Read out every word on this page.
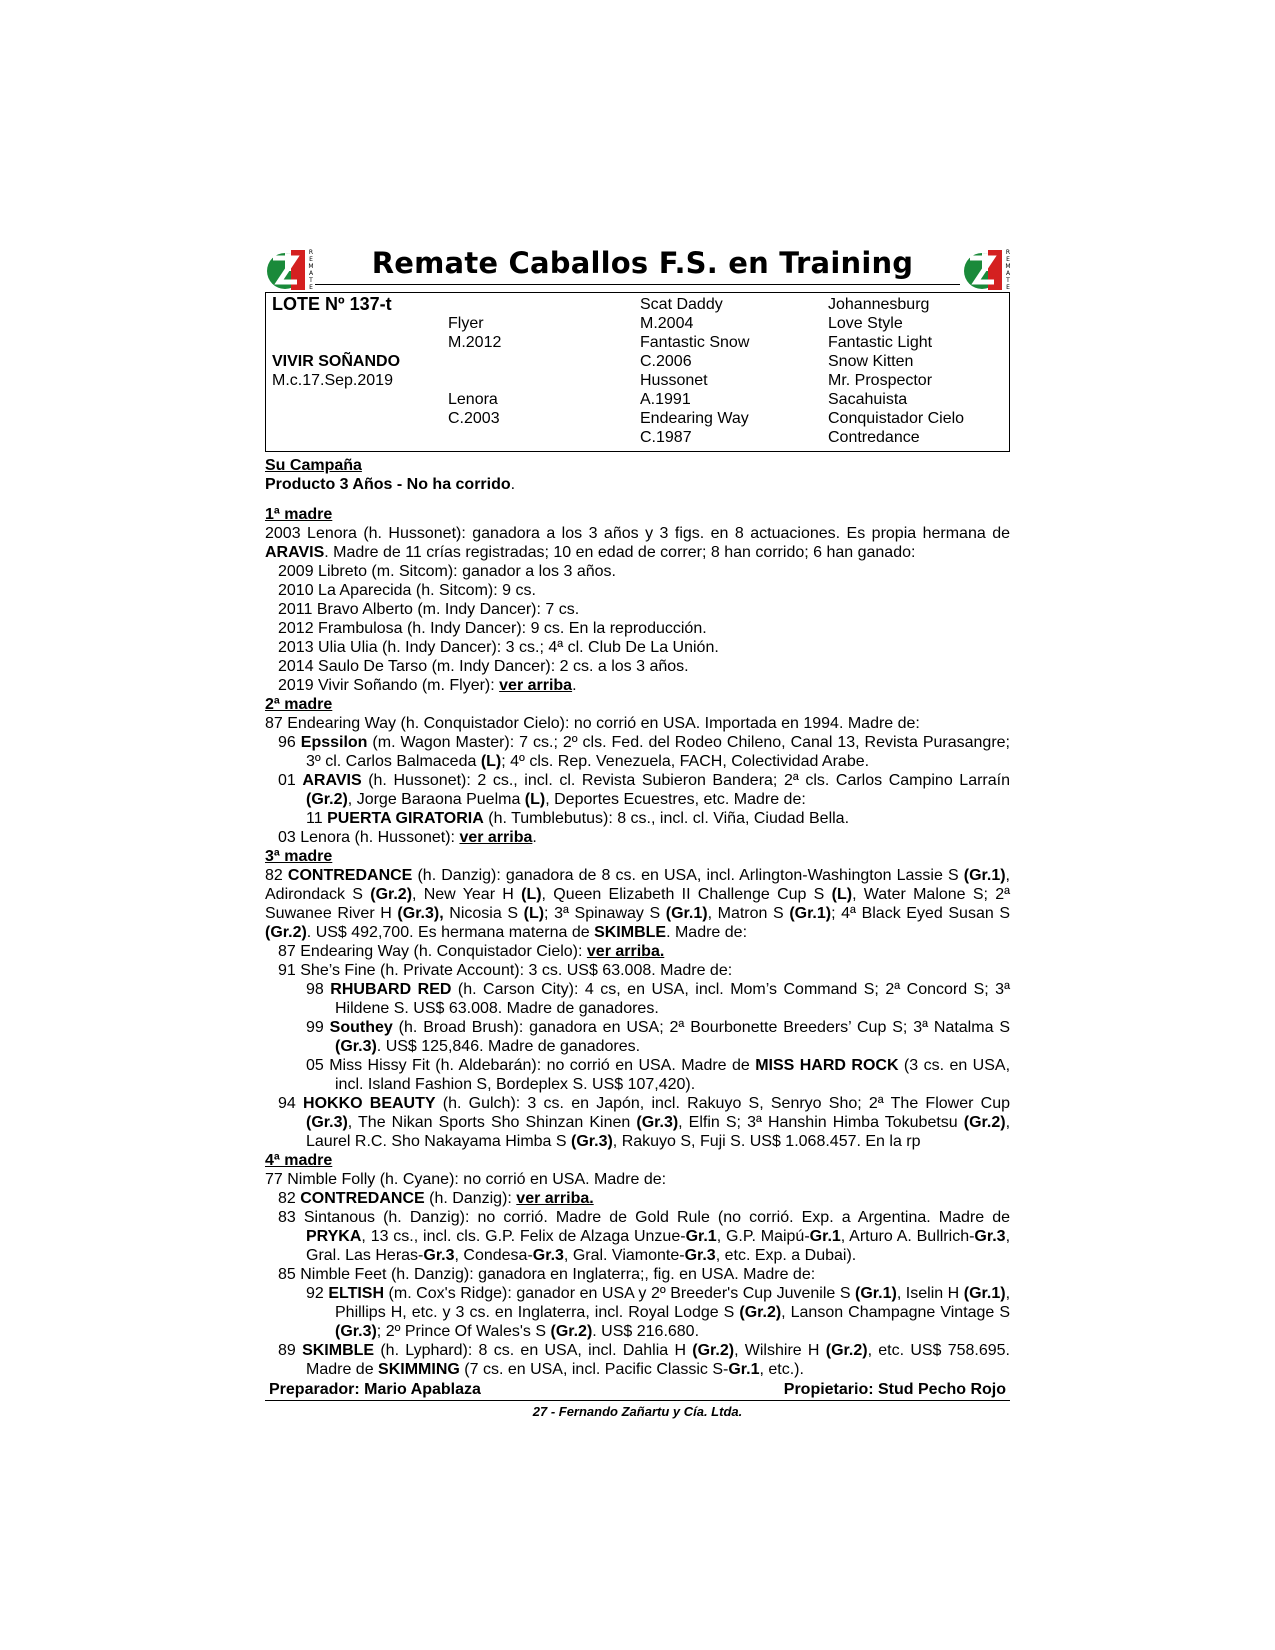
R
E
M
A
T
E
Remate Caballos F.S. en Training	R
E
M
A
T
E
LOTE Nº 137-t
VIVIR SOÑANDO
M.c.17.Sep.2019
Flyer
M.2012
Lenora
C.2003
Scat Daddy
M.2004
Fantastic Snow
C.2006
Hussonet
A.1991
Endearing Way
C.1987
Johannesburg
Love Style
Fantastic Light
Snow Kitten
Mr. Prospector
Sacahuista
Conquistador Cielo
Contredance

Su Campaña

Producto 3 Años - No ha corrido.

1ª madre

2003 Lenora (h. Hussonet): ganadora a los 3 años y 3 figs. en 8 actuaciones. Es propia hermana de ARAVIS. Madre de 11 crías registradas; 10 en edad de correr; 8 han corrido; 6 han ganado:

2009 Libreto (m. Sitcom): ganador a los 3 años.

2010 La Aparecida (h. Sitcom): 9 cs.

2011 Bravo Alberto (m. Indy Dancer): 7 cs.

2012 Frambulosa (h. Indy Dancer): 9 cs. En la reproducción.

2013 Ulia Ulia (h. Indy Dancer): 3 cs.; 4ª cl. Club De La Unión.

2014 Saulo De Tarso (m. Indy Dancer): 2 cs. a los 3 años.

2019 Vivir Soñando (m. Flyer): ver arriba.

2ª madre

87 Endearing Way (h. Conquistador Cielo): no corrió en USA. Importada en 1994. Madre de:

96 Epssilon (m. Wagon Master): 7 cs.; 2º cls. Fed. del Rodeo Chileno, Canal 13, Revista Purasangre; 3º cl. Carlos Balmaceda (L); 4º cls. Rep. Venezuela, FACH, Colectividad Arabe.

01 ARAVIS (h. Hussonet): 2 cs., incl. cl. Revista Subieron Bandera; 2ª cls. Carlos Campino Larraín (Gr.2), Jorge Baraona Puelma (L), Deportes Ecuestres, etc. Madre de:

11 PUERTA GIRATORIA (h. Tumblebutus): 8 cs., incl. cl. Viña, Ciudad Bella.

03 Lenora (h. Hussonet): ver arriba.

3ª madre

82 CONTREDANCE (h. Danzig): ganadora de 8 cs. en USA, incl. Arlington-Washington Lassie S (Gr.1), Adirondack S (Gr.2), New Year H (L), Queen Elizabeth II Challenge Cup S (L), Water Malone S; 2ª Suwanee River H (Gr.3), Nicosia S (L); 3ª Spinaway S (Gr.1), Matron S (Gr.1); 4ª Black Eyed Susan S (Gr.2). US$ 492,700. Es hermana materna de SKIMBLE. Madre de:

87 Endearing Way (h. Conquistador Cielo): ver arriba.

91 She’s Fine (h. Private Account): 3 cs. US$ 63.008. Madre de:

98 RHUBARD RED (h. Carson City): 4 cs, en USA, incl. Mom’s Command S; 2ª Concord S; 3ª Hildene S. US$ 63.008. Madre de ganadores.

99 Southey (h. Broad Brush): ganadora en USA; 2ª Bourbonette Breeders’ Cup S; 3ª Natalma S (Gr.3). US$ 125,846. Madre de ganadores.

05 Miss Hissy Fit (h. Aldebarán): no corrió en USA. Madre de MISS HARD ROCK (3 cs. en USA, incl. Island Fashion S, Bordeplex S. US$ 107,420).

94 HOKKO BEAUTY (h. Gulch): 3 cs. en Japón, incl. Rakuyo S, Senryo Sho; 2ª The Flower Cup (Gr.3), The Nikan Sports Sho Shinzan Kinen (Gr.3), Elfin S; 3ª Hanshin Himba Tokubetsu (Gr.2), Laurel R.C. Sho Nakayama Himba S (Gr.3), Rakuyo S, Fuji S. US$ 1.068.457. En la rp

4ª madre

77 Nimble Folly (h. Cyane): no corrió en USA. Madre de:

82 CONTREDANCE (h. Danzig): ver arriba.

83 Sintanous (h. Danzig): no corrió. Madre de Gold Rule (no corrió. Exp. a Argentina. Madre de PRYKA, 13 cs., incl. cls. G.P. Felix de Alzaga Unzue-Gr.1, G.P. Maipú-Gr.1, Arturo A. Bullrich-Gr.3, Gral. Las Heras-Gr.3, Condesa-Gr.3, Gral. Viamonte-Gr.3, etc. Exp. a Dubai).

85 Nimble Feet (h. Danzig): ganadora en Inglaterra;, fig. en USA. Madre de:

92 ELTISH (m. Cox's Ridge): ganador en USA y 2º Breeder's Cup Juvenile S (Gr.1), Iselin H (Gr.1), Phillips H, etc. y 3 cs. en Inglaterra, incl. Royal Lodge S (Gr.2), Lanson Champagne Vintage S (Gr.3); 2º Prince Of Wales's S (Gr.2). US$ 216.680.

89 SKIMBLE (h. Lyphard): 8 cs. en USA, incl. Dahlia H (Gr.2), Wilshire H (Gr.2), etc. US$ 758.695. Madre de SKIMMING (7 cs. en USA, incl. Pacific Classic S-Gr.1, etc.).

Preparador: Mario Apablaza	Propietario: Stud Pecho Rojo
27 - Fernando Zañartu y Cía. Ltda.
